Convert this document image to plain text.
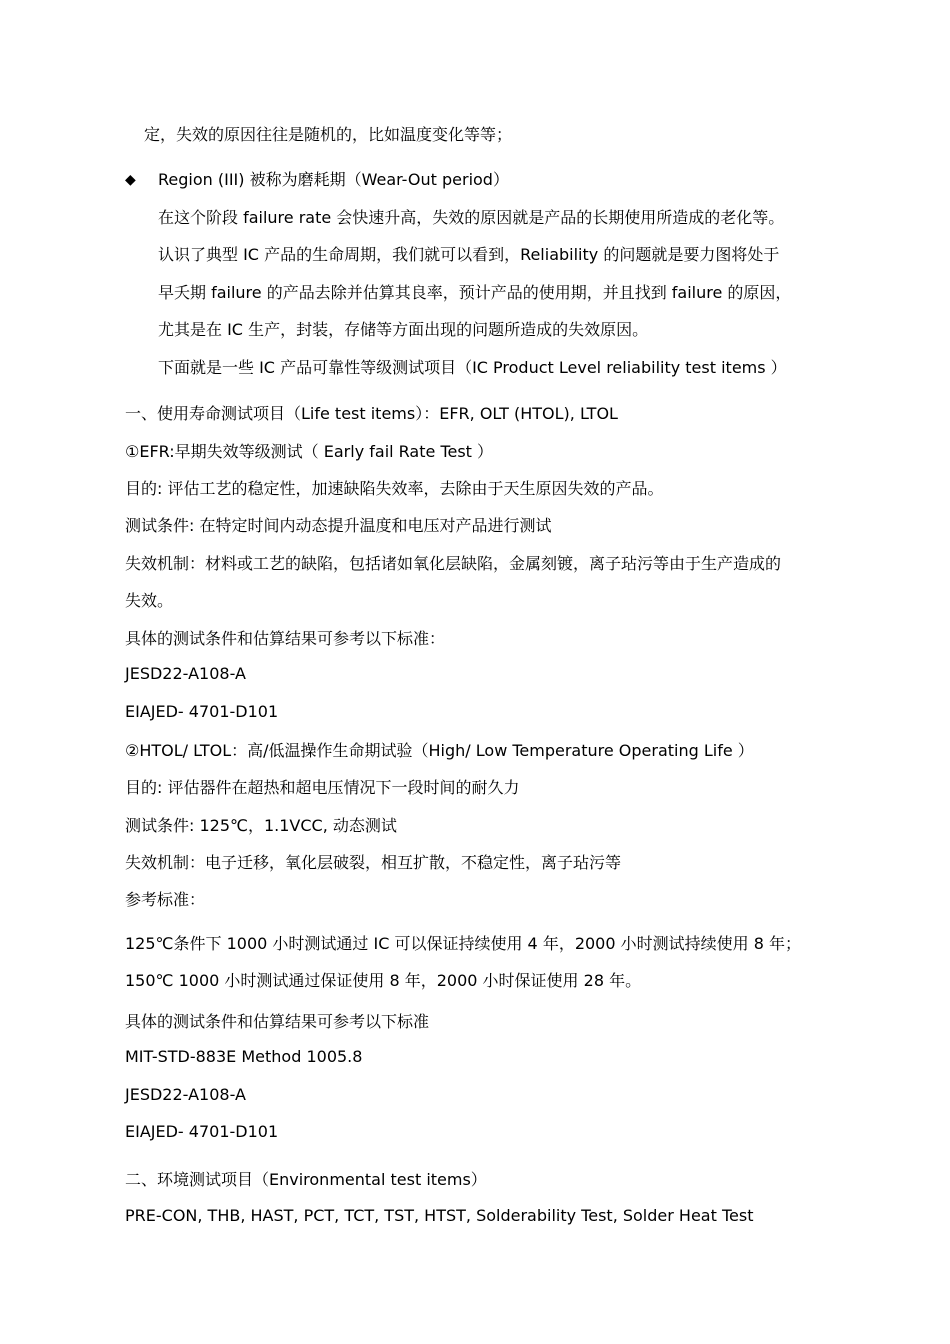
定，失效的原因往往是随机的，比如温度变化等等；
◆ Region (III) 被称为磨耗期（Wear-Out period）
在这个阶段 failure rate 会快速升高，失效的原因就是产品的长期使用所造成的老化等。
认识了典型 IC 产品的生命周期，我们就可以看到，Reliability 的问题就是要力图将处于
早夭期 failure 的产品去除并估算其良率，预计产品的使用期，并且找到 failure 的原因，
尤其是在 IC 生产，封装，存储等方面出现的问题所造成的失效原因。
下面就是一些 IC 产品可靠性等级测试项目（IC Product Level reliability test items ）
一、使用寿命测试项目（Life test items）：EFR, OLT (HTOL), LTOL
①EFR:早期失效等级测试（ Early fail Rate Test ）
目的: 评估工艺的稳定性，加速缺陷失效率，去除由于天生原因失效的产品。
测试条件: 在特定时间内动态提升温度和电压对产品进行测试
失效机制：材料或工艺的缺陷，包括诸如氧化层缺陷，金属刻镀，离子玷污等由于生产造成的
失效。
具体的测试条件和估算结果可参考以下标准：
JESD22-A108-A
EIAJED- 4701-D101
②HTOL/ LTOL：高/低温操作生命期试验（High/ Low Temperature Operating Life ）
目的: 评估器件在超热和超电压情况下一段时间的耐久力
测试条件: 125℃，1.1VCC, 动态测试
失效机制：电子迁移，氧化层破裂，相互扩散，不稳定性，离子玷污等
参考标准：
125℃条件下 1000 小时测试通过 IC 可以保证持续使用 4 年，2000 小时测试持续使用 8 年；
150℃ 1000 小时测试通过保证使用 8 年，2000 小时保证使用 28 年。
具体的测试条件和估算结果可参考以下标准
MIT-STD-883E Method 1005.8
JESD22-A108-A
EIAJED- 4701-D101
二、环境测试项目（Environmental test items）
PRE-CON, THB, HAST, PCT, TCT, TST, HTST, Solderability Test, Solder Heat Test
